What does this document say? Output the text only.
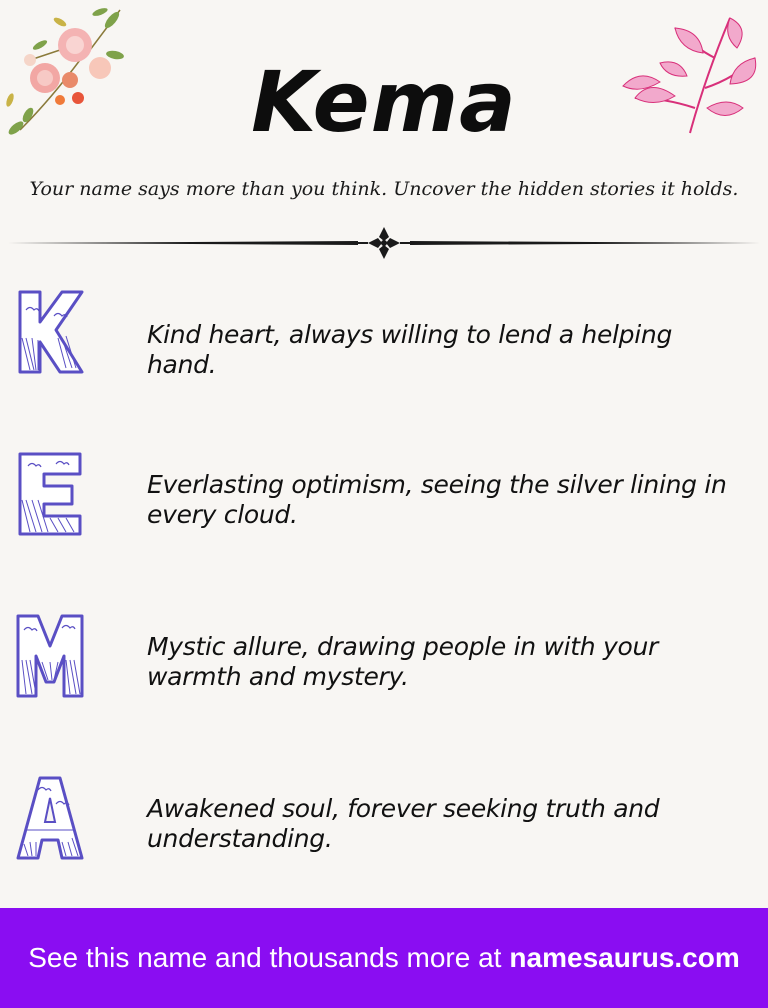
Kema
Your name says more than you think. Uncover the hidden stories it holds.
Kind heart, always willing to lend a helping hand.
Everlasting optimism, seeing the silver lining in every cloud.
Mystic allure, drawing people in with your warmth and mystery.
Awakened soul, forever seeking truth and understanding.
See this name and thousands more at namesaurus.com
